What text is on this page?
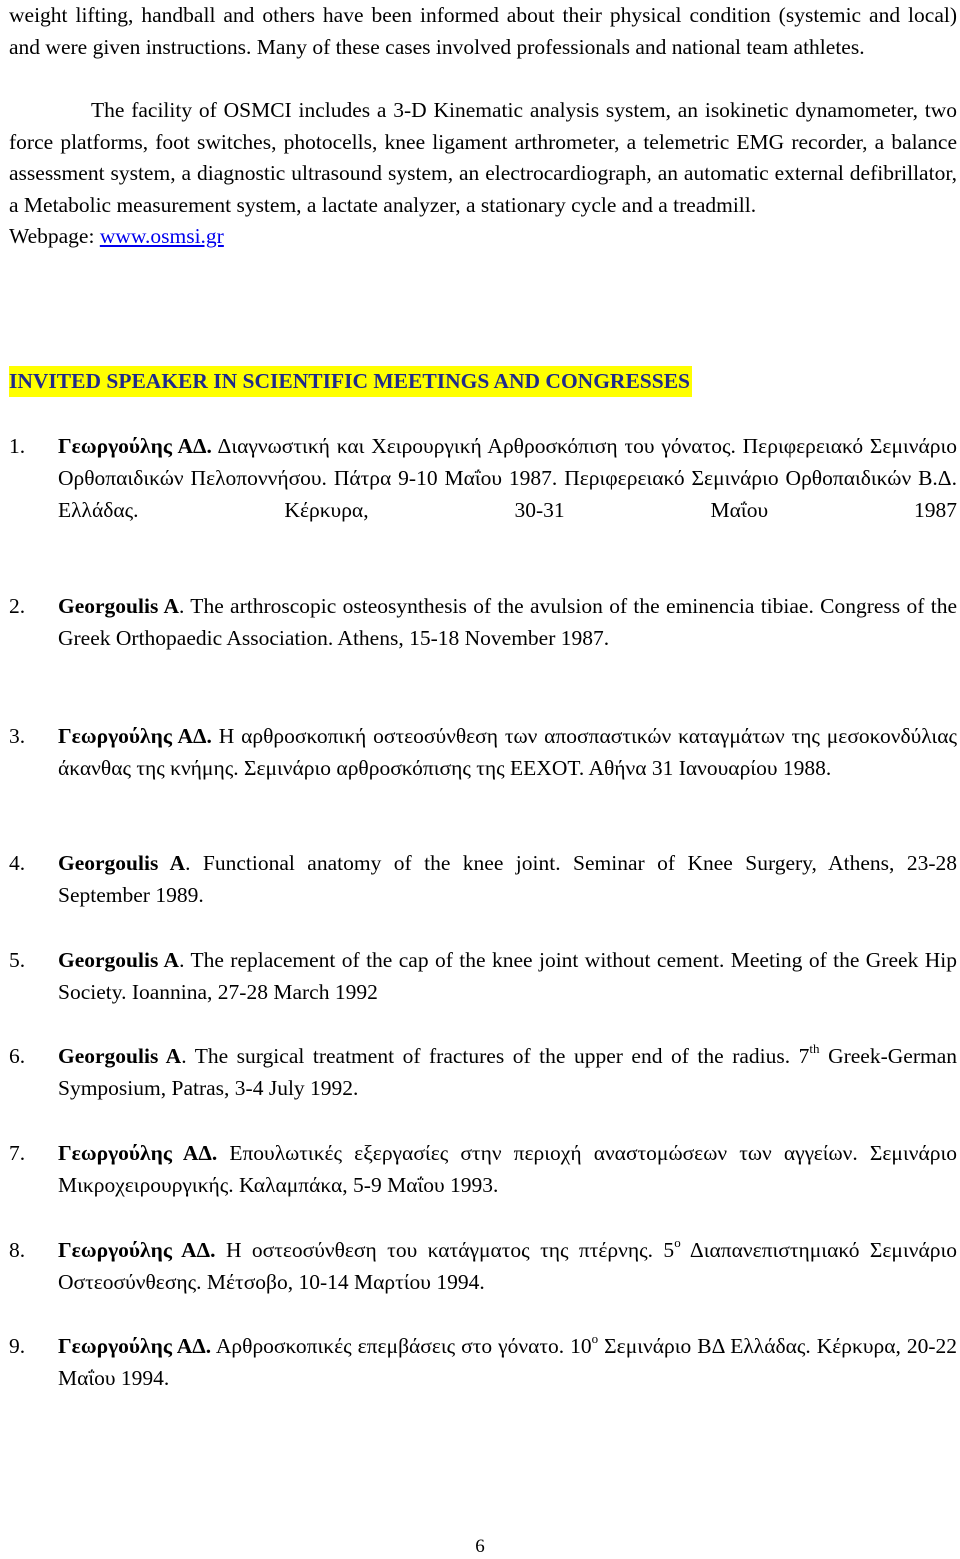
weight lifting, handball and others have been informed about their physical condition (systemic and local) and were given instructions. Many of these cases involved professionals and national team athletes.

The facility of OSMCI includes a 3-D Kinematic analysis system, an isokinetic dynamometer, two force platforms, foot switches, photocells, knee ligament arthrometer, a telemetric EMG recorder, a balance assessment system, a diagnostic ultrasound system, an electrocardiograph, an automatic external defibrillator, a Metabolic measurement system, a lactate analyzer, a stationary cycle and a treadmill.
Webpage: www.osmsi.gr

INVITED SPEAKER IN SCIENTIFIC MEETINGS AND CONGRESSES
1.	Γεωργούλης ΑΔ. Διαγνωστική και Χειρουργική Αρθροσκόπιση του γόνατος. Περιφερειακό Σεμινάριο Ορθοπαιδικών Πελοποννήσου. Πάτρα 9-10 Μαΐου 1987. Περιφερειακό Σεμινάριο Ορθοπαιδικών Β.Δ. Ελλάδας. Κέρκυρα, 30-31 Μαΐου 1987
2.	Georgoulis A. The arthroscopic osteosynthesis of the avulsion of the eminencia tibiae. Congress of the Greek Orthopaedic Association. Athens, 15-18 November 1987.
3.	Γεωργούλης ΑΔ. Η αρθροσκοπική οστεοσύνθεση των αποσπαστικών καταγμάτων της μεσοκονδύλιας άκανθας της κνήμης. Σεμινάριο αρθροσκόπισης της ΕΕΧΟΤ. Αθήνα 31 Ιανουαρίου 1988.
4.	Georgoulis A. Functional anatomy of the knee joint. Seminar of Knee Surgery, Athens, 23-28 September 1989.
5.	Georgoulis A. The replacement of the cap of the knee joint without cement. Meeting of the Greek Hip Society. Ioannina, 27-28 March 1992
6.	Georgoulis A. The surgical treatment of fractures of the upper end of the radius. 7th Greek-German Symposium, Patras, 3-4 July 1992.
7.	Γεωργούλης ΑΔ. Επουλωτικές εξεργασίες στην περιοχή αναστομώσεων των αγγείων. Σεμινάριο Μικροχειρουργικής. Καλαμπάκα, 5-9 Μαΐου 1993.
8.	Γεωργούλης ΑΔ. Η οστεοσύνθεση του κατάγματος της πτέρνης. $5^o$ Διαπανεπιστημιακό Σεμινάριο Οστεοσύνθεσης. Μέτσοβο, 10-14 Μαρτίου 1994.
9.	Γεωργούλης ΑΔ. Αρθροσκοπικές επεμβάσεις στο γόνατο. $10^o$ Σεμινάριο ΒΔ Ελλάδας. Κέρκυρα, 20-22 Μαΐου 1994.
6
